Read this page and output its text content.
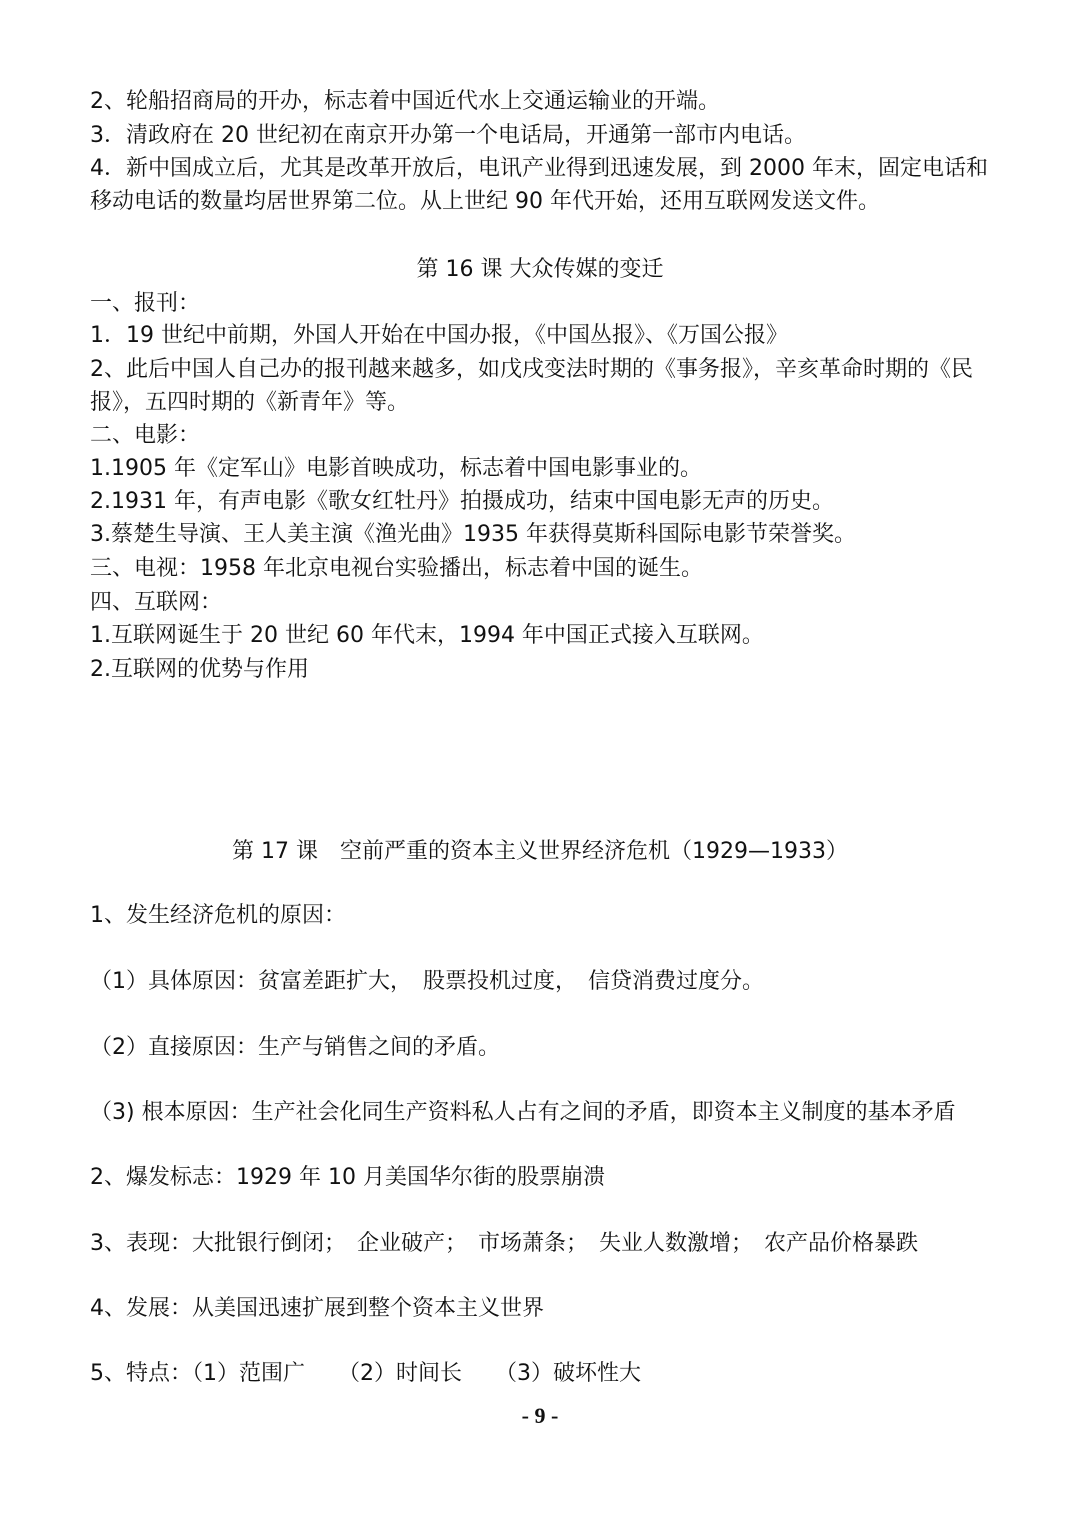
2、轮船招商局的开办，标志着中国近代水上交通运输业的开端。
3．清政府在 20 世纪初在南京开办第一个电话局，开通第一部市内电话。
4．新中国成立后，尤其是改革开放后，电讯产业得到迅速发展，到 2000 年末，固定电话和移动电话的数量均居世界第二位。从上世纪 90 年代开始，还用互联网发送文件。
第 16 课 大众传媒的变迁
一、报刊：
1．19 世纪中前期，外国人开始在中国办报，《中国丛报》、《万国公报》
2、此后中国人自己办的报刊越来越多，如戊戌变法时期的《事务报》，辛亥革命时期的《民报》，五四时期的《新青年》等。
二、电影：
1.1905 年《定军山》电影首映成功，标志着中国电影事业的。
2.1931 年，有声电影《歌女红牡丹》拍摄成功，结束中国电影无声的历史。
3.蔡楚生导演、王人美主演《渔光曲》1935 年获得莫斯科国际电影节荣誉奖。
三、电视：1958 年北京电视台实验播出，标志着中国的诞生。
四、互联网：
1.互联网诞生于 20 世纪 60 年代末，1994 年中国正式接入互联网。
2.互联网的优势与作用
第 17 课　空前严重的资本主义世界经济危机（1929—1933）
1、发生经济危机的原因：
（1）具体原因：贫富差距扩大，　股票投机过度，　信贷消费过度分。
（2）直接原因：生产与销售之间的矛盾。
（3) 根本原因：生产社会化同生产资料私人占有之间的矛盾，即资本主义制度的基本矛盾
2、爆发标志：1929 年 10 月美国华尔街的股票崩溃
3、表现：大批银行倒闭；　企业破产；　市场萧条；　失业人数激增；　农产品价格暴跌
4、发展：从美国迅速扩展到整个资本主义世界
5、特点：（1）范围广　　（2）时间长　　（3）破坏性大
- 9 -
